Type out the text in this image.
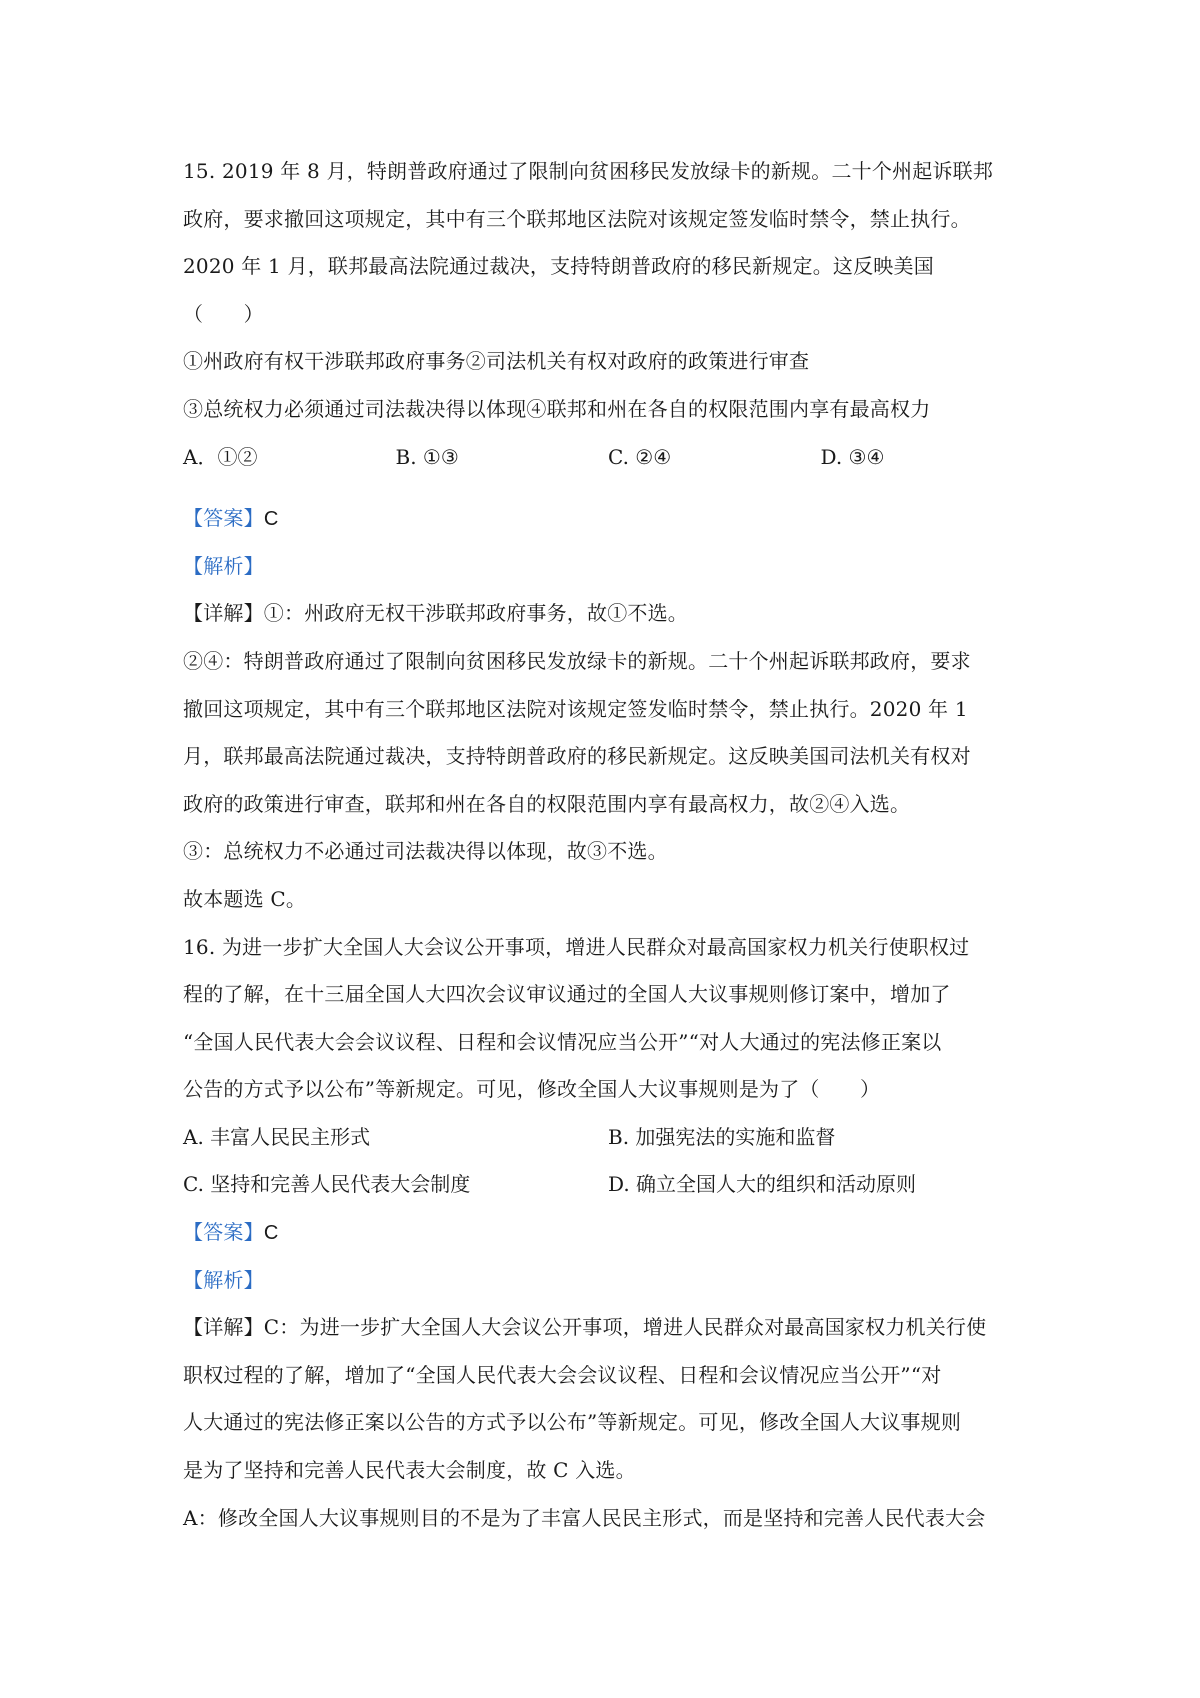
15. 2019 年 8 月，特朗普政府通过了限制向贫困移民发放绿卡的新规。二十个州起诉联邦
政府，要求撤回这项规定，其中有三个联邦地区法院对该规定签发临时禁令，禁止执行。
2020 年 1 月，联邦最高法院通过裁决，支持特朗普政府的移民新规定。这反映美国
（　　）
①州政府有权干涉联邦政府事务②司法机关有权对政府的政策进行审查
③总统权力必须通过司法裁决得以体现④联邦和州在各自的权限范围内享有最高权力
A．①②	B. ①③	C. ②④	D. ③④
【答案】C
【解析】
【详解】①：州政府无权干涉联邦政府事务，故①不选。
②④：特朗普政府通过了限制向贫困移民发放绿卡的新规。二十个州起诉联邦政府，要求
撤回这项规定，其中有三个联邦地区法院对该规定签发临时禁令，禁止执行。2020 年 1
月，联邦最高法院通过裁决，支持特朗普政府的移民新规定。这反映美国司法机关有权对
政府的政策进行审查，联邦和州在各自的权限范围内享有最高权力，故②④入选。
③：总统权力不必通过司法裁决得以体现，故③不选。
故本题选 C。
16. 为进一步扩大全国人大会议公开事项，增进人民群众对最高国家权力机关行使职权过
程的了解，在十三届全国人大四次会议审议通过的全国人大议事规则修订案中，增加了
“全国人民代表大会会议议程、日程和会议情况应当公开”“对人大通过的宪法修正案以
公告的方式予以公布”等新规定。可见，修改全国人大议事规则是为了（　　）
A. 丰富人民民主形式	B. 加强宪法的实施和监督
C. 坚持和完善人民代表大会制度	D. 确立全国人大的组织和活动原则
【答案】C
【解析】
【详解】C：为进一步扩大全国人大会议公开事项，增进人民群众对最高国家权力机关行使
职权过程的了解，增加了“全国人民代表大会会议议程、日程和会议情况应当公开”“对
人大通过的宪法修正案以公告的方式予以公布”等新规定。可见，修改全国人大议事规则
是为了坚持和完善人民代表大会制度，故 C 入选。
A：修改全国人大议事规则目的不是为了丰富人民民主形式，而是坚持和完善人民代表大会
